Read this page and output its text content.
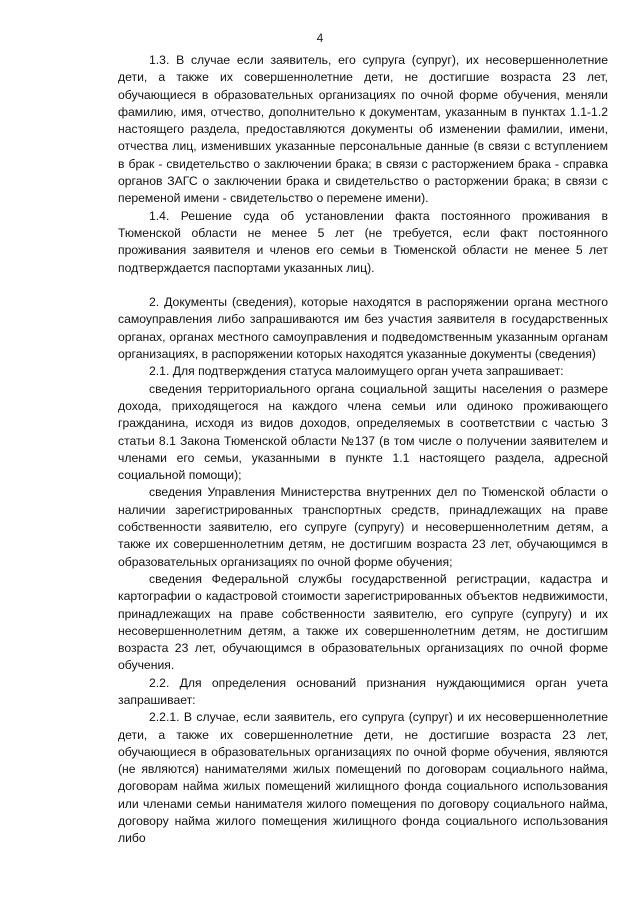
4

1.3. В случае если заявитель, его супруга (супруг), их несовершеннолетние дети, а также их совершеннолетние дети, не достигшие возраста 23 лет, обучающиеся в образовательных организациях по очной форме обучения, меняли фамилию, имя, отчество, дополнительно к документам, указанным в пунктах 1.1-1.2 настоящего раздела, предоставляются документы об изменении фамилии, имени, отчества лиц, изменивших указанные персональные данные (в связи с вступлением в брак - свидетельство о заключении брака; в связи с расторжением брака - справка органов ЗАГС о заключении брака и свидетельство о расторжении брака; в связи с переменой имени - свидетельство о перемене имени).

1.4. Решение суда об установлении факта постоянного проживания в Тюменской области не менее 5 лет (не требуется, если факт постоянного проживания заявителя и членов его семьи в Тюменской области не менее 5 лет подтверждается паспортами указанных лиц).

2. Документы (сведения), которые находятся в распоряжении органа местного самоуправления либо запрашиваются им без участия заявителя в государственных органах, органах местного самоуправления и подведомственным указанным органам организациях, в распоряжении которых находятся указанные документы (сведения)

2.1. Для подтверждения статуса малоимущего орган учета запрашивает:

сведения территориального органа социальной защиты населения о размере дохода, приходящегося на каждого члена семьи или одиноко проживающего гражданина, исходя из видов доходов, определяемых в соответствии с частью 3 статьи 8.1 Закона Тюменской области №137 (в том числе о получении заявителем и членами его семьи, указанными в пункте 1.1 настоящего раздела, адресной социальной помощи);

сведения Управления Министерства внутренних дел по Тюменской области о наличии зарегистрированных транспортных средств, принадлежащих на праве собственности заявителю, его супруге (супругу) и несовершеннолетним детям, а также их совершеннолетним детям, не достигшим возраста 23 лет, обучающимся в образовательных организациях по очной форме обучения;

сведения Федеральной службы государственной регистрации, кадастра и картографии о кадастровой стоимости зарегистрированных объектов недвижимости, принадлежащих на праве собственности заявителю, его супруге (супругу) и их несовершеннолетним детям, а также их совершеннолетним детям, не достигшим возраста 23 лет, обучающимся в образовательных организациях по очной форме обучения.

2.2. Для определения оснований признания нуждающимися орган учета запрашивает:

2.2.1. В случае, если заявитель, его супруга (супруг) и их несовершеннолетние дети, а также их совершеннолетние дети, не достигшие возраста 23 лет, обучающиеся в образовательных организациях по очной форме обучения, являются (не являются) нанимателями жилых помещений по договорам социального найма, договорам найма жилых помещений жилищного фонда социального использования или членами семьи нанимателя жилого помещения по договору социального найма, договору найма жилого помещения жилищного фонда социального использования либо
